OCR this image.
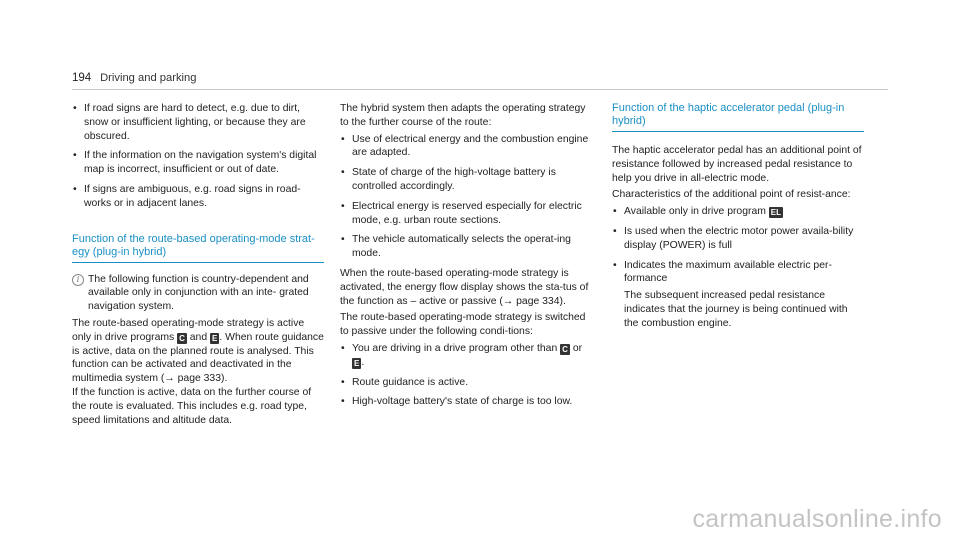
194 Driving and parking
• If road signs are hard to detect, e.g. due to dirt, snow or insufficient lighting, or because they are obscured.
• If the information on the navigation system's digital map is incorrect, insufficient or out of date.
• If signs are ambiguous, e.g. road signs in road-works or in adjacent lanes.
Function of the route-based operating-mode strat-egy (plug-in hybrid)
i The following function is country-dependent and available only in conjunction with an inte- grated navigation system.

The route-based operating-mode strategy is active only in drive programs C and E . When route guidance is active, data on the planned route is analysed. This function can be activated and deactivated in the multimedia system (→ page 333).

If the function is active, data on the further course of the route is evaluated. This includes e.g. road type, speed limitations and altitude data.

The hybrid system then adapts the operating strategy to the further course of the route:

• Use of electrical energy and the combustion engine are adapted.
• State of charge of the high-voltage battery is controlled accordingly.
• Electrical energy is reserved especially for electric mode, e.g. urban route sections.
• The vehicle automatically selects the operat-ing mode.

When the route-based operating-mode strategy is activated, the energy flow display shows the sta-tus of the function as – active or passive (→ page 334).

The route-based operating-mode strategy is switched to passive under the following condi-tions:

• You are driving in a drive program other than C or E .
• Route guidance is active.
• High-voltage battery's state of charge is too low.
Function of the haptic accelerator pedal (plug-in hybrid)

The haptic accelerator pedal has an additional point of resistance followed by increased pedal resistance to help you drive in all-electric mode.

Characteristics of the additional point of resist-ance:

• Available only in drive program EL
• Is used when the electric motor power availa-bility display (POWER) is full
• Indicates the maximum available electric per-formance

The subsequent increased pedal resistance indicates that the journey is being continued with the combustion engine.

carmanualsonline.info
